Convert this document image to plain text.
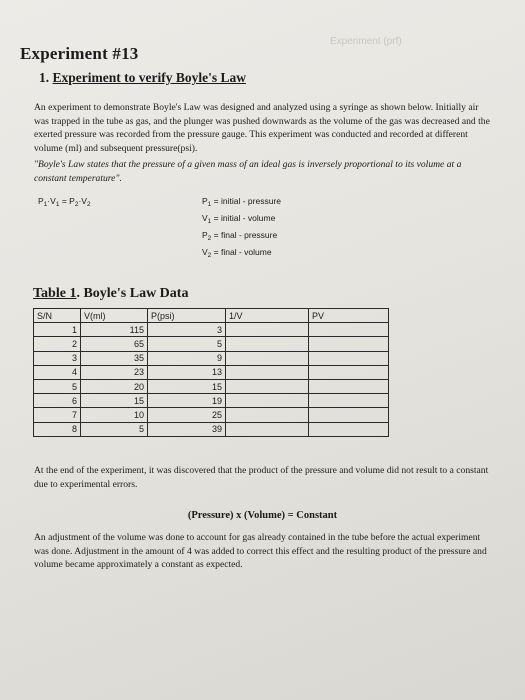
Experiment (prf)
Experiment #13
1. Experiment to verify Boyle's Law
An experiment to demonstrate Boyle's Law was designed and analyzed using a syringe as shown below. Initially air was trapped in the tube as gas, and the plunger was pushed downwards as the volume of the gas was decreased and the exerted pressure was recorded from the pressure gauge. This experiment was conducted and recorded at different volume (ml) and subsequent pressure(psi).
"Boyle's Law states that the pressure of a given mass of an ideal gas is inversely proportional to its volume at a constant temperature".
$P_1\cdot V_1 = P_2\cdot V_2$	$P_1$ = initial - pressure
$V_1$ = initial - volume
$P_2$ = final - pressure
$V_2$ = final - volume
Table 1. Boyle's Law Data
S/N	V(ml)	P(psi)	1/V	PV
1	115	3		
2	65	5		
3	35	9		
4	23	13		
5	20	15		
6	15	19		
7	10	25		
8	5	39		
At the end of the experiment, it was discovered that the product of the pressure and volume did not result to a constant due to experimental errors.
(Pressure) x (Volume) = Constant
An adjustment of the volume was done to account for gas already contained in the tube before the actual experiment was done. Adjustment in the amount of 4 was added to correct this effect and the resulting product of the pressure and volume became approximately a constant as expected.
